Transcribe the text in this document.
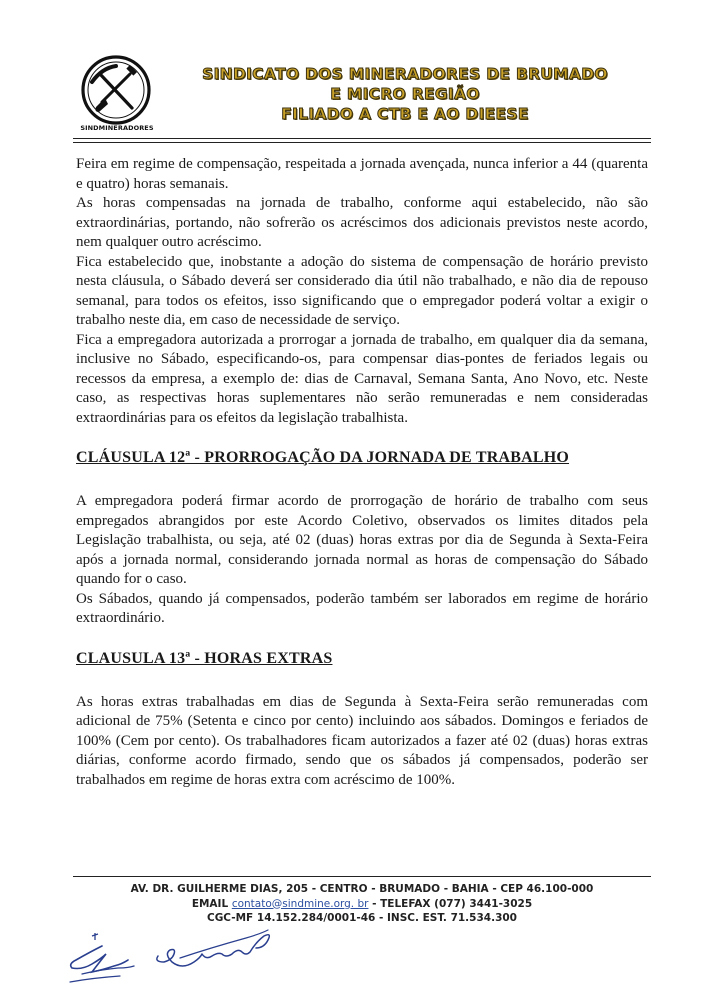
SINDMINERADORES
SINDICATO DOS MINERADORES DE BRUMADO
E MICRO REGIÃO
FILIADO A CTB E AO DIEESE

Feira em regime de compensação, respeitada a jornada avençada, nunca inferior a 44 (quarenta e quatro) horas semanais.

As horas compensadas na jornada de trabalho, conforme aqui estabelecido, não são extraordinárias, portando, não sofrerão os acréscimos dos adicionais previstos neste acordo, nem qualquer outro acréscimo.

Fica estabelecido que, inobstante a adoção do sistema de compensação de horário previsto nesta cláusula, o Sábado deverá ser considerado dia útil não trabalhado, e não dia de repouso semanal, para todos os efeitos, isso significando que o empregador poderá voltar a exigir o trabalho neste dia, em caso de necessidade de serviço.

Fica a empregadora autorizada a prorrogar a jornada de trabalho, em qualquer dia da semana, inclusive no Sábado, especificando-os, para compensar dias-pontes de feriados legais ou recessos da empresa, a exemplo de: dias de Carnaval, Semana Santa, Ano Novo, etc. Neste caso, as respectivas horas suplementares não serão remuneradas e nem consideradas extraordinárias para os efeitos da legislação trabalhista.

CLÁUSULA 12ª - PRORROGAÇÃO DA JORNADA DE TRABALHO

A empregadora poderá firmar acordo de prorrogação de horário de trabalho com seus empregados abrangidos por este Acordo Coletivo, observados os limites ditados pela Legislação trabalhista, ou seja, até 02 (duas) horas extras por dia de Segunda à Sexta-Feira após a jornada normal, considerando jornada normal as horas de compensação do Sábado quando for o caso.

Os Sábados, quando já compensados, poderão também ser laborados em regime de horário extraordinário.

CLAUSULA 13ª - HORAS EXTRAS

As horas extras trabalhadas em dias de Segunda à Sexta-Feira serão remuneradas com adicional de 75% (Setenta e cinco por cento) incluindo aos sábados. Domingos e feriados de 100% (Cem por cento). Os trabalhadores ficam autorizados a fazer até 02 (duas) horas extras diárias, conforme acordo firmado, sendo que os sábados já compensados, poderão ser trabalhados em regime de horas extra com acréscimo de 100%.

AV. DR. GUILHERME DIAS, 205 - CENTRO - BRUMADO - BAHIA - CEP 46.100-000
EMAIL contato@sindmine.org. br - TELEFAX (077) 3441-3025
CGC-MF 14.152.284/0001-46 - INSC. EST. 71.534.300
